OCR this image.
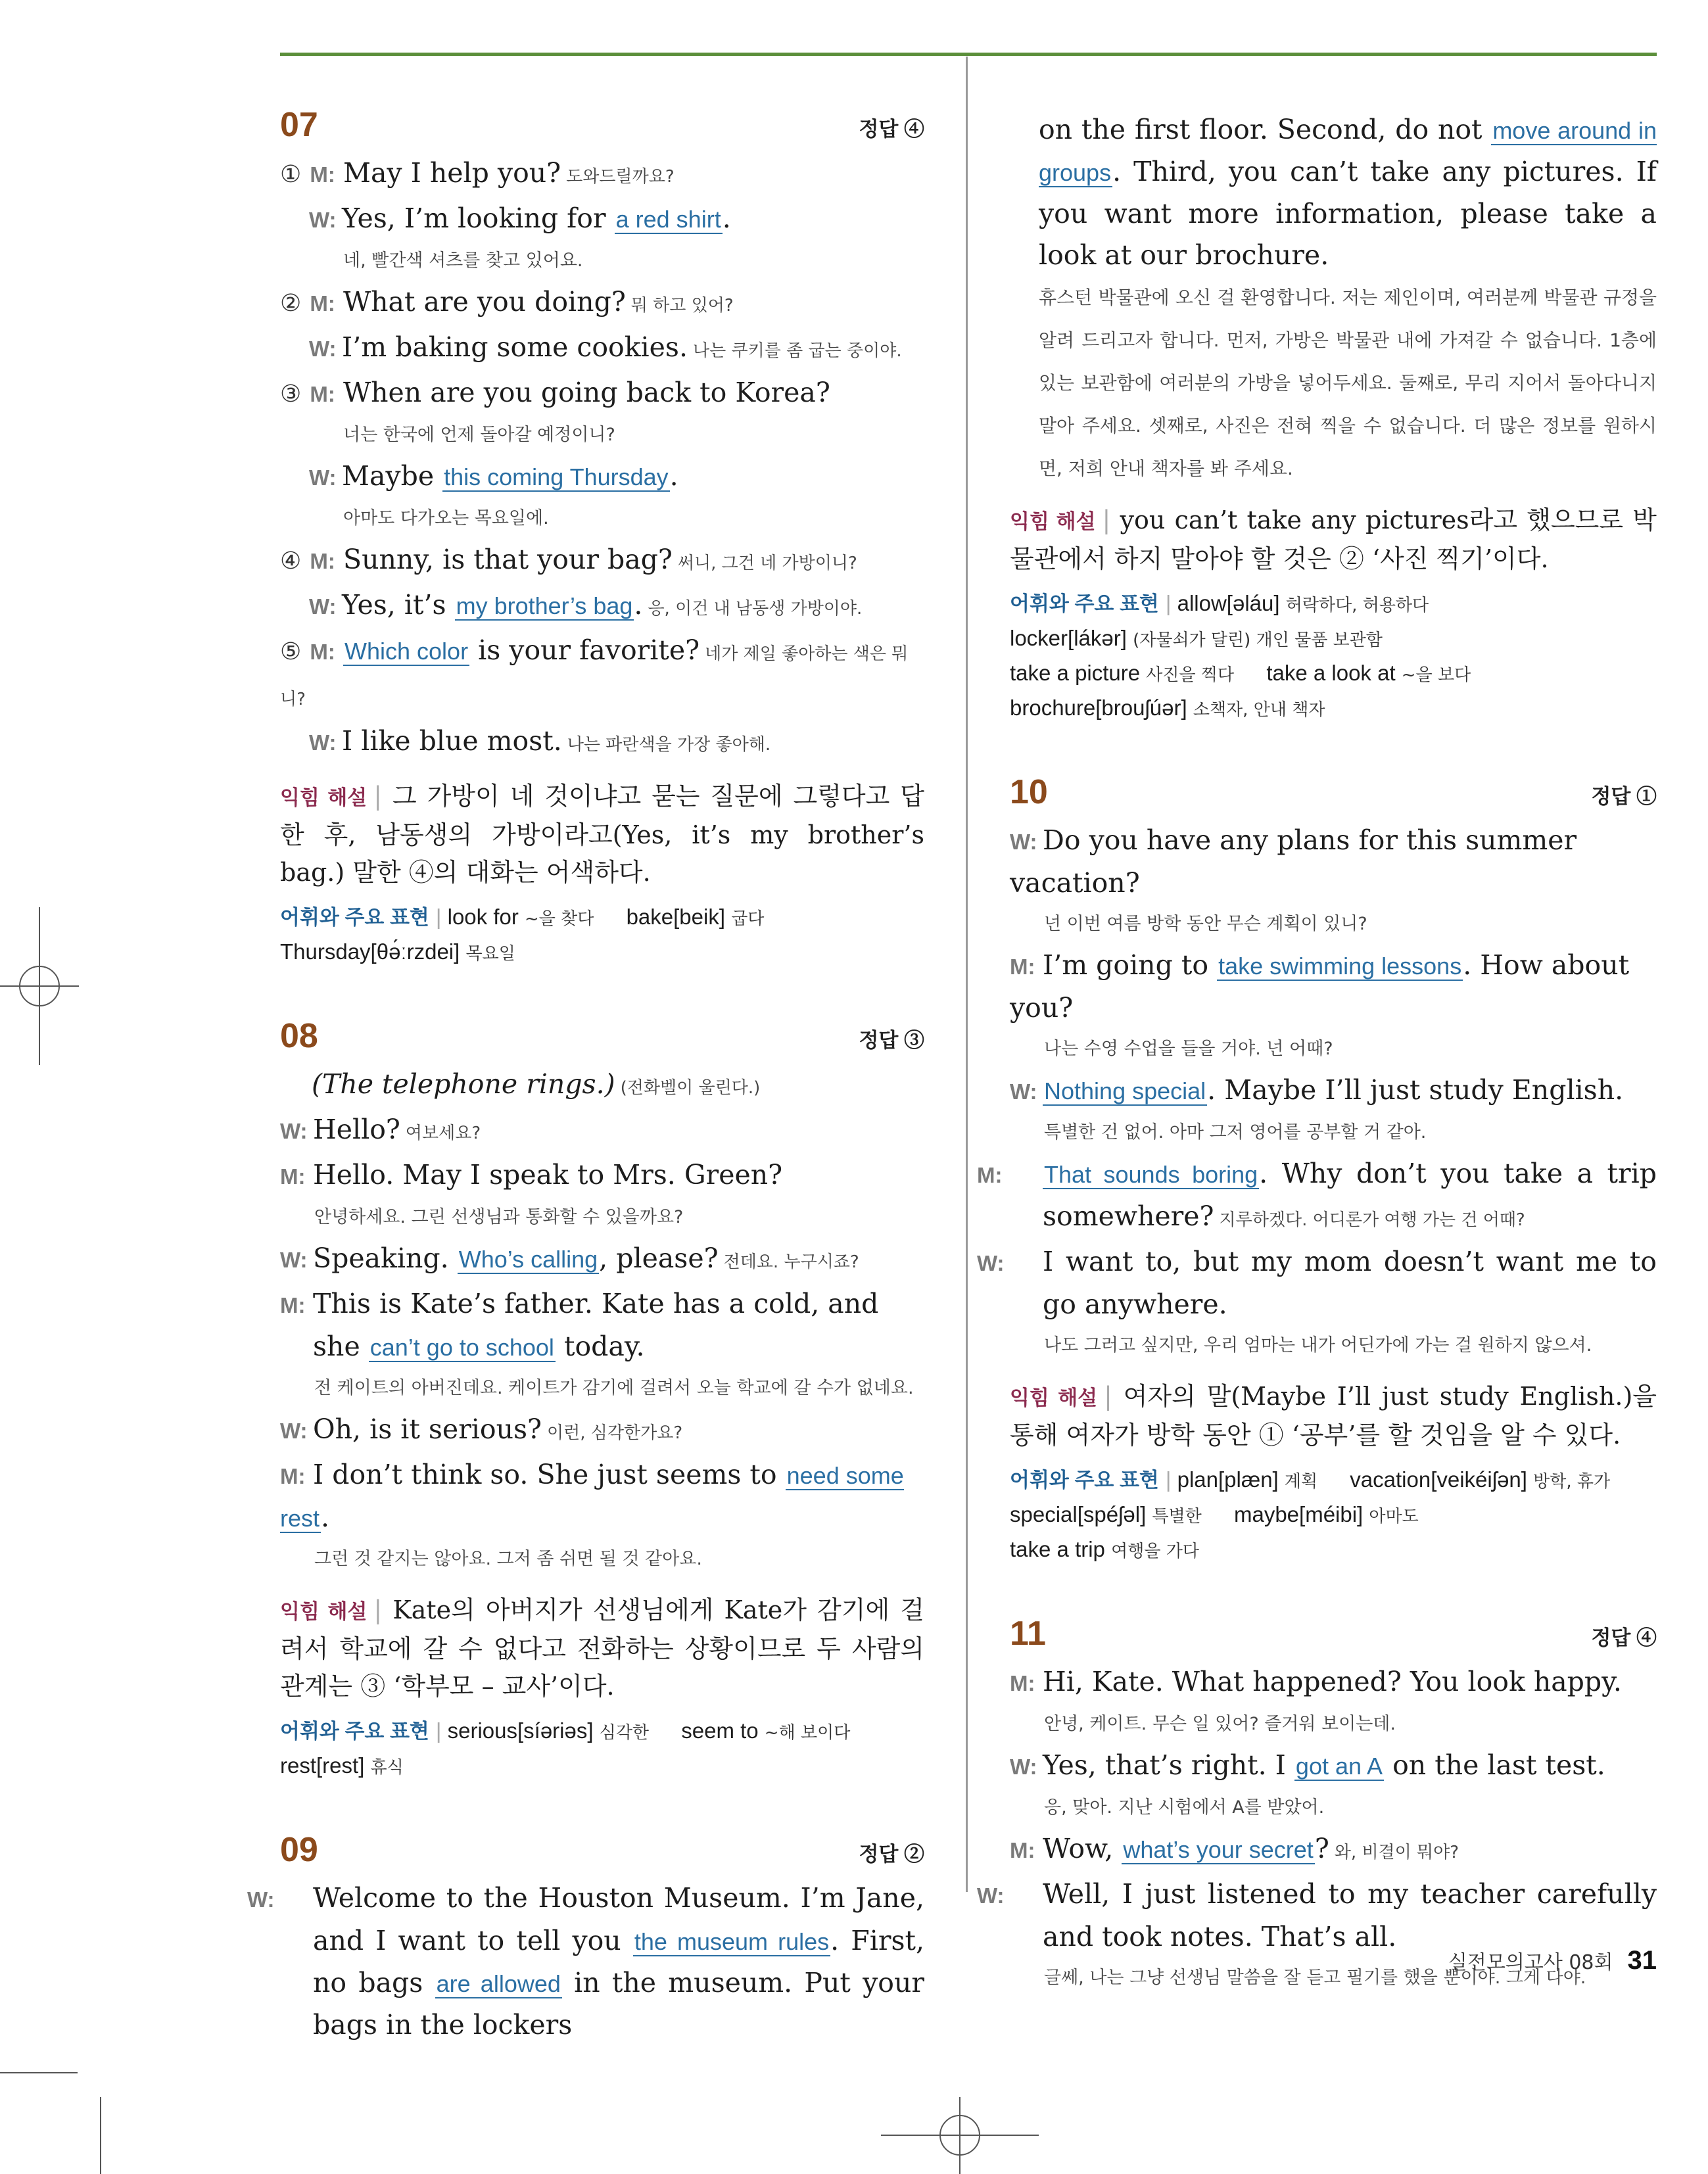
07	정답 ④
① M: May I help you? 도와드릴까요?
W: Yes, I’m looking for a red shirt.
네, 빨간색 셔츠를 찾고 있어요.
② M: What are you doing? 뭐 하고 있어?
W: I’m baking some cookies. 나는 쿠키를 좀 굽는 중이야.
③ M: When are you going back to Korea?
너는 한국에 언제 돌아갈 예정이니?
W: Maybe this coming Thursday.
아마도 다가오는 목요일에.
④ M: Sunny, is that your bag? 써니, 그건 네 가방이니?
W: Yes, it’s my brother’s bag. 응, 이건 내 남동생 가방이야.
⑤ M: Which color is your favorite? 네가 제일 좋아하는 색은 뭐니?
W: I like blue most. 나는 파란색을 가장 좋아해.
익힘 해설 | 그 가방이 네 것이냐고 묻는 질문에 그렇다고 답한 후, 남동생의 가방이라고(Yes, it’s my brother’s bag.) 말한 ④의 대화는 어색하다.
어휘와 주요 표현 | look for ~을 찾다 bake[beik] 굽다
Thursday[θə́ːrzdei] 목요일
08	정답 ③
(The telephone rings.) (전화벨이 울린다.)
W: Hello? 여보세요?
M: Hello. May I speak to Mrs. Green?
안녕하세요. 그린 선생님과 통화할 수 있을까요?
W: Speaking. Who’s calling, please? 전데요. 누구시죠?
M: This is Kate’s father. Kate has a cold, and she can’t go to school today.
전 케이트의 아버진데요. 케이트가 감기에 걸려서 오늘 학교에 갈 수가 없네요.
W: Oh, is it serious? 이런, 심각한가요?
M: I don’t think so. She just seems to need some rest.
그런 것 같지는 않아요. 그저 좀 쉬면 될 것 같아요.
익힘 해설 | Kate의 아버지가 선생님에게 Kate가 감기에 걸려서 학교에 갈 수 없다고 전화하는 상황이므로 두 사람의 관계는 ③ ‘학부모 – 교사’이다.
어휘와 주요 표현 | serious[síəriəs] 심각한 seem to ~해 보이다
rest[rest] 휴식
09	정답 ②
W: Welcome to the Houston Museum. I’m Jane, and I want to tell you the museum rules. First, no bags are allowed in the museum. Put your bags in the lockers
on the first floor. Second, do not move around in groups. Third, you can’t take any pictures. If you want more information, please take a look at our brochure.
휴스턴 박물관에 오신 걸 환영합니다. 저는 제인이며, 여러분께 박물관 규정을 알려 드리고자 합니다. 먼저, 가방은 박물관 내에 가져갈 수 없습니다. 1층에 있는 보관함에 여러분의 가방을 넣어두세요. 둘째로, 무리 지어서 돌아다니지 말아 주세요. 셋째로, 사진은 전혀 찍을 수 없습니다. 더 많은 정보를 원하시면, 저희 안내 책자를 봐 주세요.
익힘 해설 | you can’t take any pictures라고 했으므로 박물관에서 하지 말아야 할 것은 ② ‘사진 찍기’이다.
어휘와 주요 표현 | allow[əláu] 허락하다, 허용하다
locker[lákər] (자물쇠가 달린) 개인 물품 보관함
take a picture 사진을 찍다 take a look at ~을 보다
brochure[brouʃúər] 소책자, 안내 책자
10	정답 ①
W: Do you have any plans for this summer vacation?
넌 이번 여름 방학 동안 무슨 계획이 있니?
M: I’m going to take swimming lessons. How about you?
나는 수영 수업을 들을 거야. 넌 어때?
W: Nothing special. Maybe I’ll just study English.
특별한 건 없어. 아마 그저 영어를 공부할 거 같아.
M: That sounds boring. Why don’t you take a trip somewhere? 지루하겠다. 어디론가 여행 가는 건 어때?
W: I want to, but my mom doesn’t want me to go anywhere.
나도 그러고 싶지만, 우리 엄마는 내가 어딘가에 가는 걸 원하지 않으셔.
익힘 해설 | 여자의 말(Maybe I’ll just study English.)을 통해 여자가 방학 동안 ① ‘공부’를 할 것임을 알 수 있다.
어휘와 주요 표현 | plan[plæn] 계획 vacation[veikéiʃən] 방학, 휴가
special[spéʃəl] 특별한 maybe[méibi] 아마도
take a trip 여행을 가다
11	정답 ④
M: Hi, Kate. What happened? You look happy.
안녕, 케이트. 무슨 일 있어? 즐거워 보이는데.
W: Yes, that’s right. I got an A on the last test.
응, 맞아. 지난 시험에서 A를 받았어.
M: Wow, what’s your secret? 와, 비결이 뭐야?
W: Well, I just listened to my teacher carefully and took notes. That’s all.
글쎄, 나는 그냥 선생님 말씀을 잘 듣고 필기를 했을 뿐이야. 그게 다야.
실전모의고사 08회 31
